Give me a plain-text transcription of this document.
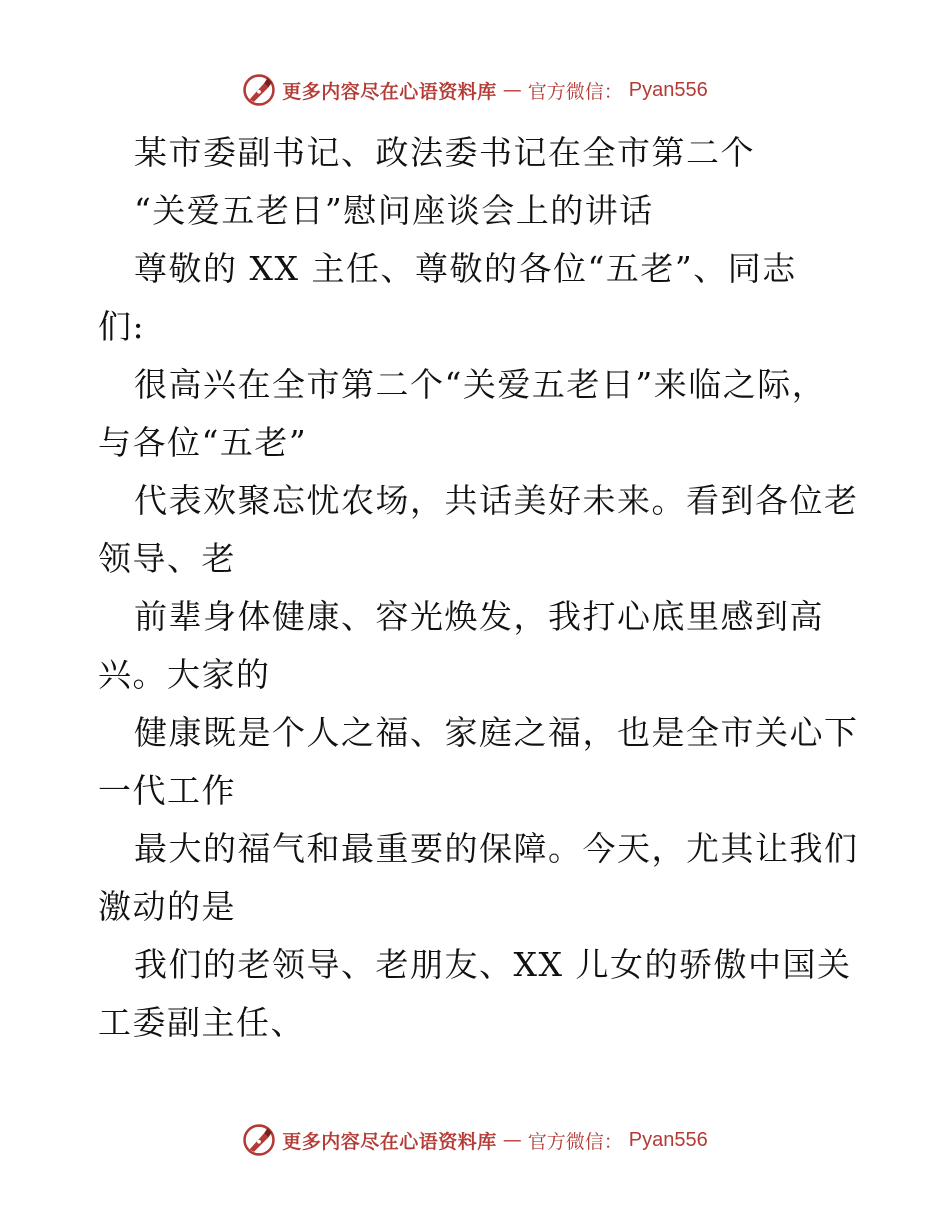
更多内容尽在心语资料库 — 官方微信： Pyan556

某市委副书记、政法委书记在全市第二个

“关爱五老日”慰问座谈会上的讲话

尊敬的 XX 主任、尊敬的各位“五老”、同志

们:

很高兴在全市第二个“关爱五老日”来临之际，

与各位“五老”

代表欢聚忘忧农场，共话美好未来。看到各位老

领导、老

前辈身体健康、容光焕发，我打心底里感到高

兴。大家的

健康既是个人之福、家庭之福，也是全市关心下

一代工作

最大的福气和最重要的保障。今天，尤其让我们

激动的是

我们的老领导、老朋友、XX 儿女的骄傲中国关

工委副主任、

更多内容尽在心语资料库 — 官方微信： Pyan556
